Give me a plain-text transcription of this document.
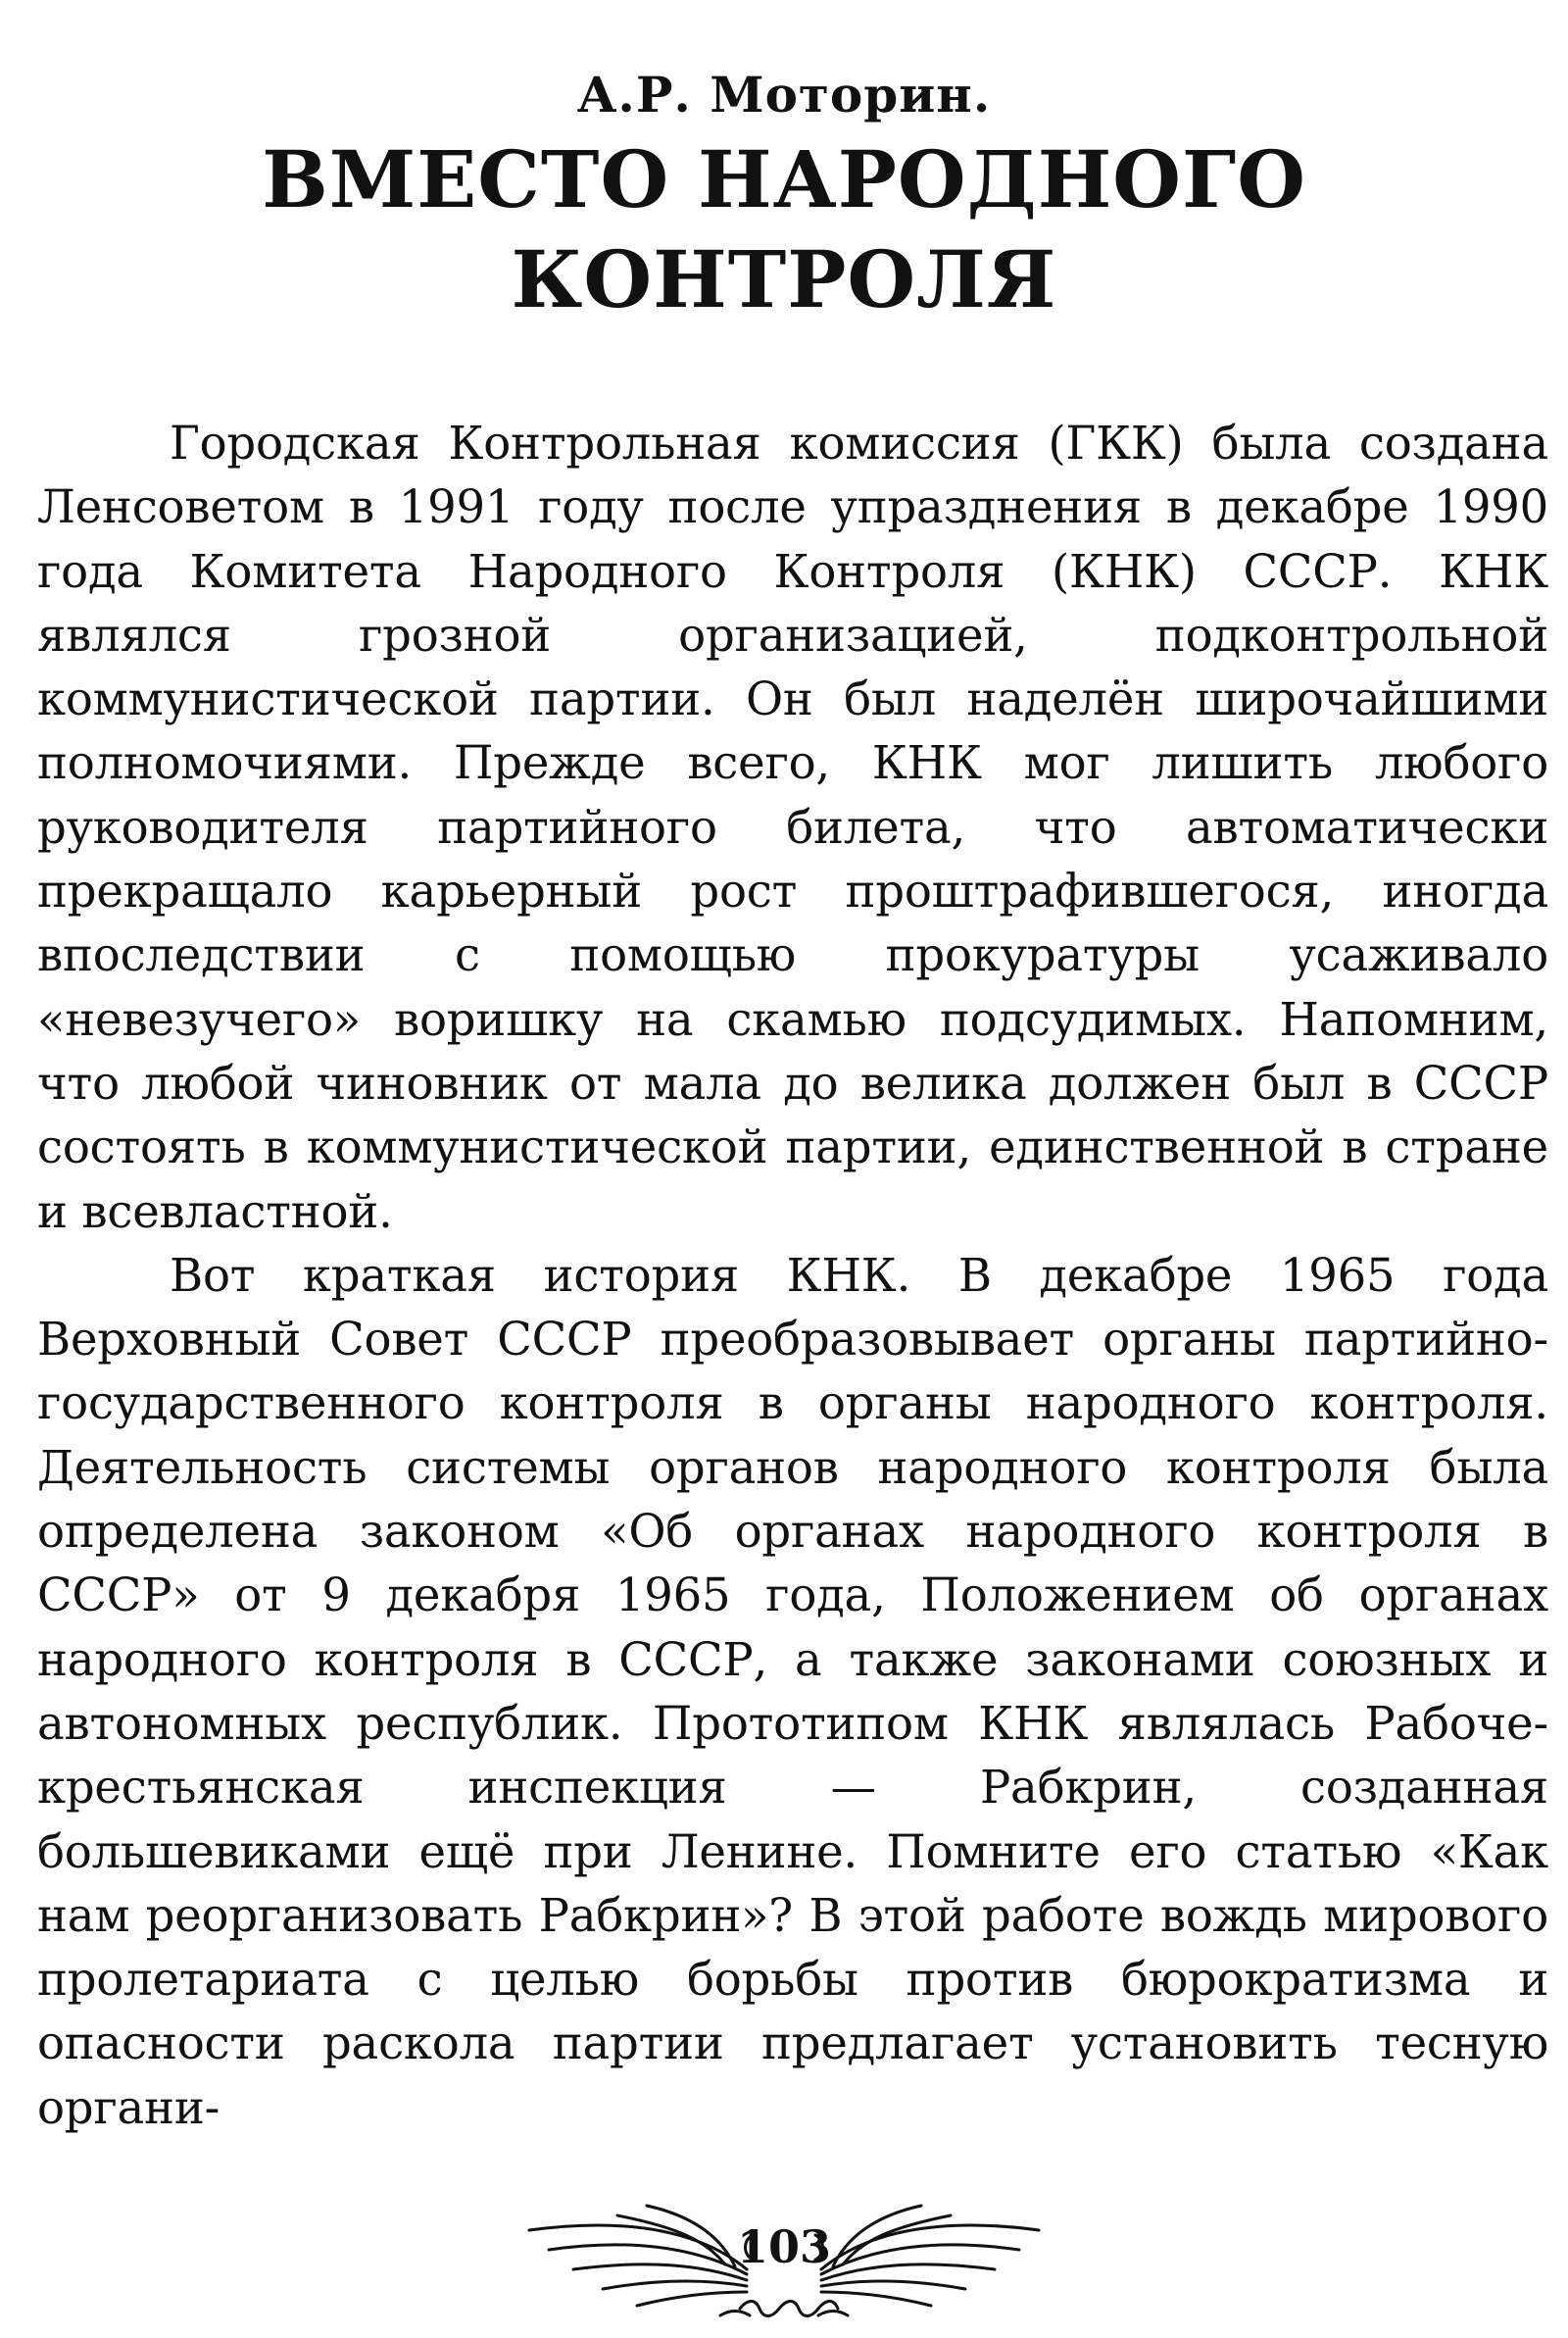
А.Р. Моторин.
ВМЕСТО НАРОДНОГО
КОНТРОЛЯ

Городская Контрольная комиссия (ГКК) была создана Ленсоветом в 1991 году после упразднения в декабре 1990 года Комитета Народного Контроля (КНК) СССР. КНК являлся грозной организацией, подконтрольной коммунистической партии. Он был наделён широчайшими полномочиями. Прежде всего, КНК мог лишить любого руководителя партийного билета, что автоматически прекращало карьерный рост проштрафившегося, иногда впоследствии с помощью прокуратуры усаживало «невезучего» воришку на скамью подсудимых. Напомним, что любой чиновник от мала до велика должен был в СССР состоять в коммунистической партии, единственной в стране и всевластной.

Вот краткая история КНК. В декабре 1965 года Верховный Совет СССР преобразовывает органы партийно-государственного контроля в органы народного контроля. Деятельность системы органов народного контроля была определена законом «Об органах народного контроля в СССР» от 9 декабря 1965 года, Положением об органах народного контроля в СССР, а также законами союзных и автономных республик. Прототипом КНК являлась Рабоче-крестьянская инспекция — Рабкрин, созданная большевиками ещё при Ленине. Помните его статью «Как нам реорганизовать Рабкрин»? В этой работе вождь мирового пролетариата с целью борьбы против бюрократизма и опасности раскола партии предлагает установить тесную органи-

103
